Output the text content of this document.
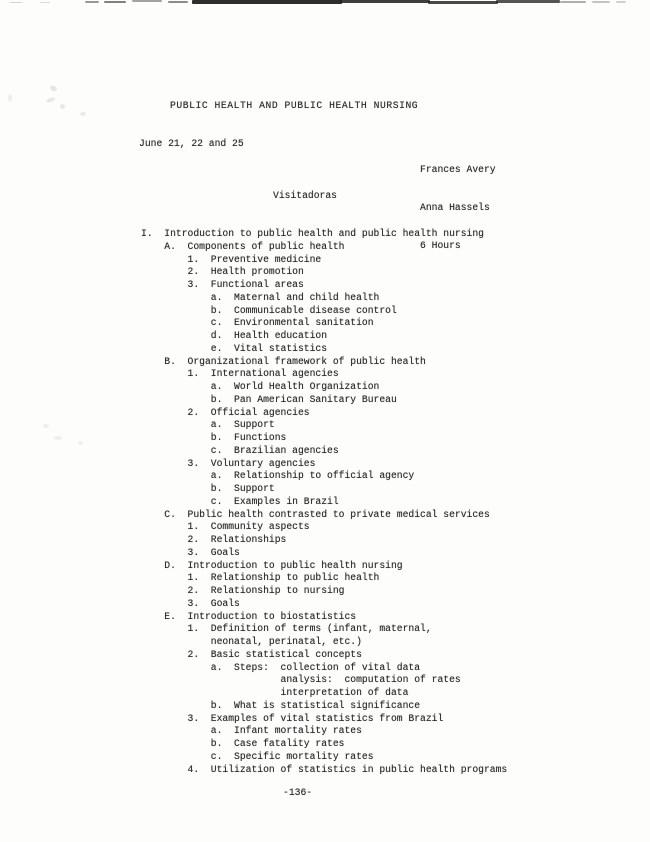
PUBLIC HEALTH AND PUBLIC HEALTH NURSING
June 21, 22 and 25

Frances Avery

Anna Hassels

6 Hours

Visitadoras
I.  Introduction to public health and public health nursing
A.  Components of public health
1.  Preventive medicine
2.  Health promotion
3.  Functional areas
a.  Maternal and child health
b.  Communicable disease control
c.  Environmental sanitation
d.  Health education
e.  Vital statistics
B.  Organizational framework of public health
1.  International agencies
a.  World Health Organization
b.  Pan American Sanitary Bureau
2.  Official agencies
a.  Support
b.  Functions
c.  Brazilian agencies
3.  Voluntary agencies
a.  Relationship to official agency
b.  Support
c.  Examples in Brazil
C.  Public health contrasted to private medical services
1.  Community aspects
2.  Relationships
3.  Goals
D.  Introduction to public health nursing
1.  Relationship to public health
2.  Relationship to nursing
3.  Goals
E.  Introduction to biostatistics
1.  Definition of terms (infant, maternal,
neonatal, perinatal, etc.)
2.  Basic statistical concepts
a.  Steps:  collection of vital data
analysis:  computation of rates
interpretation of data
b.  What is statistical significance
3.  Examples of vital statistics from Brazil
a.  Infant mortality rates
b.  Case fatality rates
c.  Specific mortality rates
4.  Utilization of statistics in public health programs
-136-
